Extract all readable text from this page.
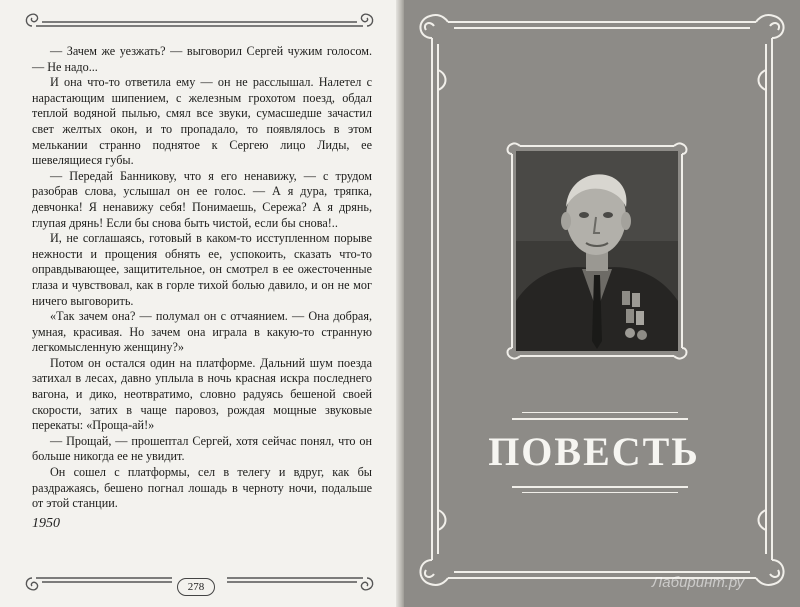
— Зачем же уезжать? — выговорил Сергей чужим голосом. — Не надо...

И она что-то ответила ему — он не расслышал. Налетел с нарастающим шипением, с железным грохотом поезд, обдал теплой водяной пылью, смял все звуки, сумасшедше зачастил свет желтых окон, и то пропадало, то появлялось в этом мелькании странно поднятое к Сергею лицо Лиды, ее шевелящиеся губы.

— Передай Банникову, что я его ненавижу, — с трудом разобрав слова, услышал он ее голос. — А я дура, тряпка, девчонка! Я ненавижу себя! Понимаешь, Сережа? А я дрянь, глупая дрянь! Если бы снова быть чистой, если бы снова!..

И, не соглашаясь, готовый в каком-то исступленном порыве нежности и прощения обнять ее, успокоить, сказать что-то оправдывающее, защитительное, он смотрел в ее ожесточенные глаза и чувствовал, как в горле тихой болью давило, и он не мог ничего выговорить.

«Так зачем она? — полумал он с отчаянием. — Она добрая, умная, красивая. Но зачем она играла в какую-то странную легкомысленную женщину?»

Потом он остался один на платформе. Дальний шум поезда затихал в лесах, давно уплыла в ночь красная искра последнего вагона, и дико, неотвратимо, словно радуясь бешеной своей скорости, затих в чаще паровоз, рождая мощные звуковые перекаты: «Проща-ай!»

— Прощай, — прошептал Сергей, хотя сейчас понял, что он больше никогда ее не увидит.

Он сошел с платформы, сел в телегу и вдруг, как бы раздражаясь, бешено погнал лошадь в черноту ночи, подальше от этой станции.

1950
278
ПОВЕСТЬ
Лабиринт.ру
